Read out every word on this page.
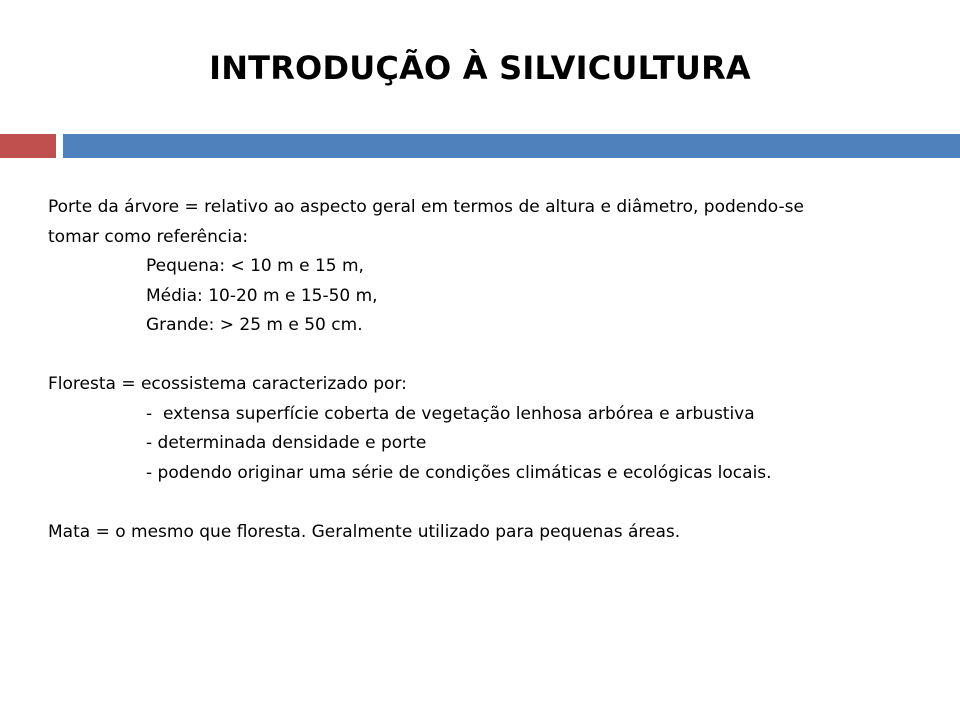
INTRODUÇÃO À SILVICULTURA
Porte da árvore = relativo ao aspecto geral em termos de altura e diâmetro, podendo-se
tomar como referência:
Pequena: < 10 m e 15 m,
Média: 10-20 m e 15-50 m,
Grande: > 25 m e 50 cm.
Floresta = ecossistema caracterizado por:
-  extensa superfície coberta de vegetação lenhosa arbórea e arbustiva
- determinada densidade e porte
- podendo originar uma série de condições climáticas e ecológicas locais.
Mata = o mesmo que floresta. Geralmente utilizado para pequenas áreas.
